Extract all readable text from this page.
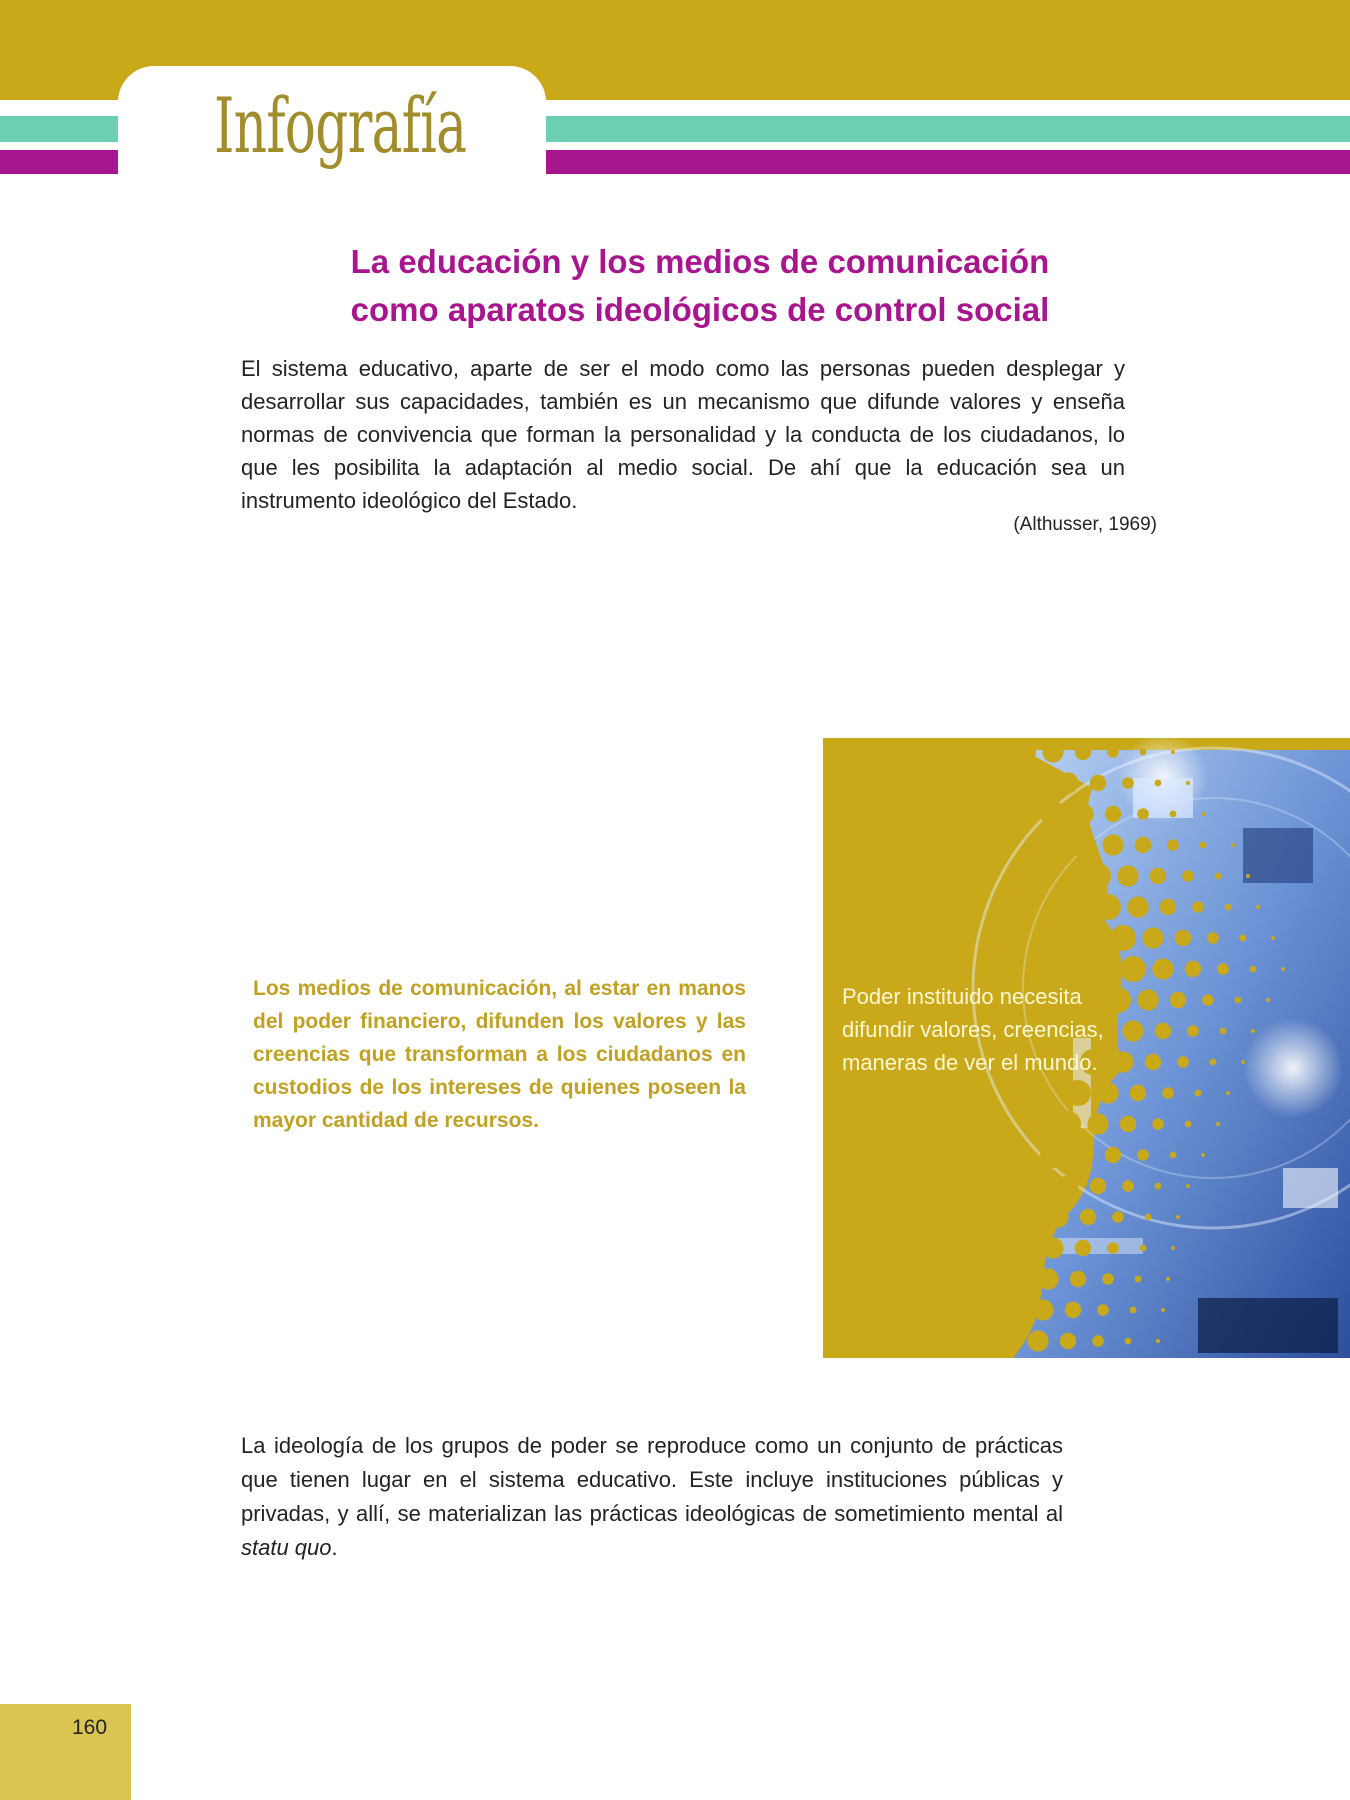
Infografía
La educación y los medios de comunicación
como aparatos ideológicos de control social

El sistema educativo, aparte de ser el modo como las personas pueden desplegar y desarrollar sus capacidades, también es un mecanismo que difunde valores y enseña normas de convivencia que forman la personalidad y la conducta de los ciudadanos, lo que les posibilita la adaptación al medio social. De ahí que la educación sea un instrumento ideológico del Estado.

(Althusser, 1969)

Los medios de comunicación, al estar en manos del poder financiero, difunden los valores y las creencias que transforman a los ciudadanos en custodios de los intereses de quienes poseen la mayor cantidad de recursos.

Poder instituido necesita difundir valores, creencias, maneras de ver el mundo.

La ideología de los grupos de poder se reproduce como un conjunto de prácticas que tienen lugar en el sistema educativo. Este incluye instituciones públicas y privadas, y allí, se materializan las prácticas ideológicas de sometimiento mental al statu quo.

160
